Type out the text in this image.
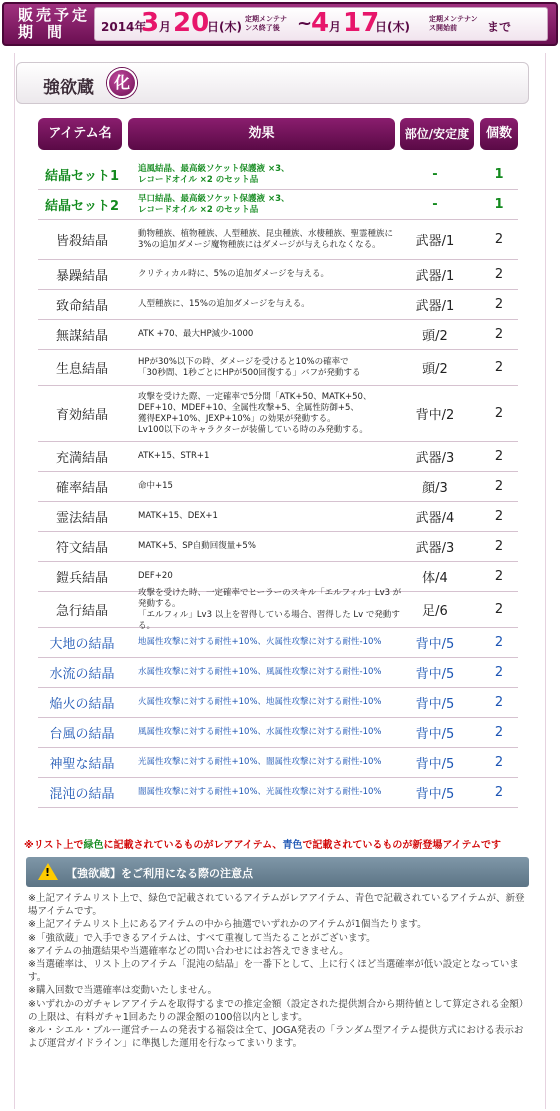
販売予定
期間 2014年
3 月 20
日(木)
定期メンテナンス終了後 ~
4 月 17
日(木)
定期メンテナンス開始前	まで
強欲蔵	化
アイテム名	効果	部位/安定度	個数
結晶セット1
追風結晶、最高級ソケット保護液 ×3、
レコードオイル ×2 のセット品	-	1
結晶セット2
早口結晶、最高級ソケット保護液 ×3、
レコードオイル ×2 のセット品	-	1
皆殺結晶
動物種族、植物種族、人型種族、昆虫種族、水棲種族、聖霊種族に
3%の追加ダメージ魔物種族にはダメージが与えられなくなる。	武器/1	2
暴躁結晶	クリティカル時に、5%の追加ダメージを与える。	武器/1	2
致命結晶	人型種族に、15%の追加ダメージを与える。	武器/1	2
無謀結晶	ATK +70、最大HP減少-1000	頭/2	2
生息結晶
HPが30%以下の時、ダメージを受けると10%の確率で
「30秒間、1秒ごとにHPが500回復する」バフが発動する	頭/2	2
育効結晶
攻撃を受けた際、一定確率で5分間「ATK+50、MATK+50、
DEF+10、MDEF+10、全属性攻撃+5、全属性防御+5、
獲得EXP+10%、JEXP+10%」の効果が発動する。
Lv100以下のキャラクターが装備している時のみ発動する。
背中/2	2
充満結晶	ATK+15、STR+1	武器/3	2
確率結晶	命中+15	顔/3	2
霊法結晶	MATK+15、DEX+1	武器/4	2
符文結晶	MATK+5、SP自動回復量+5%	武器/3	2
鎧兵結晶	DEF+20	体/4	2
急行結晶
攻撃を受けた時、一定確率でヒーラーのスキル「エルフィル」Lv3 が発動する。
「エルフィル」Lv3 以上を習得している場合、習得した Lv で発動する。
足/6	2
大地の結晶	地属性攻撃に対する耐性+10%、火属性攻撃に対する耐性-10%	背中/5	2
水流の結晶	水属性攻撃に対する耐性+10%、風属性攻撃に対する耐性-10%	背中/5	2
焔火の結晶	火属性攻撃に対する耐性+10%、地属性攻撃に対する耐性-10%	背中/5	2
台風の結晶	風属性攻撃に対する耐性+10%、水属性攻撃に対する耐性-10%	背中/5	2
神聖な結晶	光属性攻撃に対する耐性+10%、闇属性攻撃に対する耐性-10%	背中/5	2
混沌の結晶	闇属性攻撃に対する耐性+10%、光属性攻撃に対する耐性-10%	背中/5	2
※リスト上で緑色に記載されているものがレアアイテム、青色で記載されているものが新登場アイテムです
! 【強欲蔵】をご利用になる際の注意点

※上記アイテムリスト上で、緑色で記載されているアイテムがレアアイテム、青色で記載されているアイテムが、新登場アイテムです。

※上記アイテムリスト上にあるアイテムの中から抽選でいずれかのアイテムが1個当たります。

※「強欲蔵」で入手できるアイテムは、すべて重複して当たることがございます。

※アイテムの抽選結果や当選確率などの問い合わせにはお答えできません。

※当選確率は、リスト上のアイテム「混沌の結晶」を一番下として、上に行くほど当選確率が低い設定となっています。

※購入回数で当選確率は変動いたしません。

※いずれかのガチャレアアイテムを取得するまでの推定金額（設定された提供割合から期待値として算定される金額）の上限は、有料ガチャ1回あたりの課金額の100倍以内とします。

※ル・シエル・ブルー運営チームの発表する福袋は全て、JOGA発表の「ランダム型アイテム提供方式における表示および運営ガイドライン」に準拠した運用を行なってまいります。
